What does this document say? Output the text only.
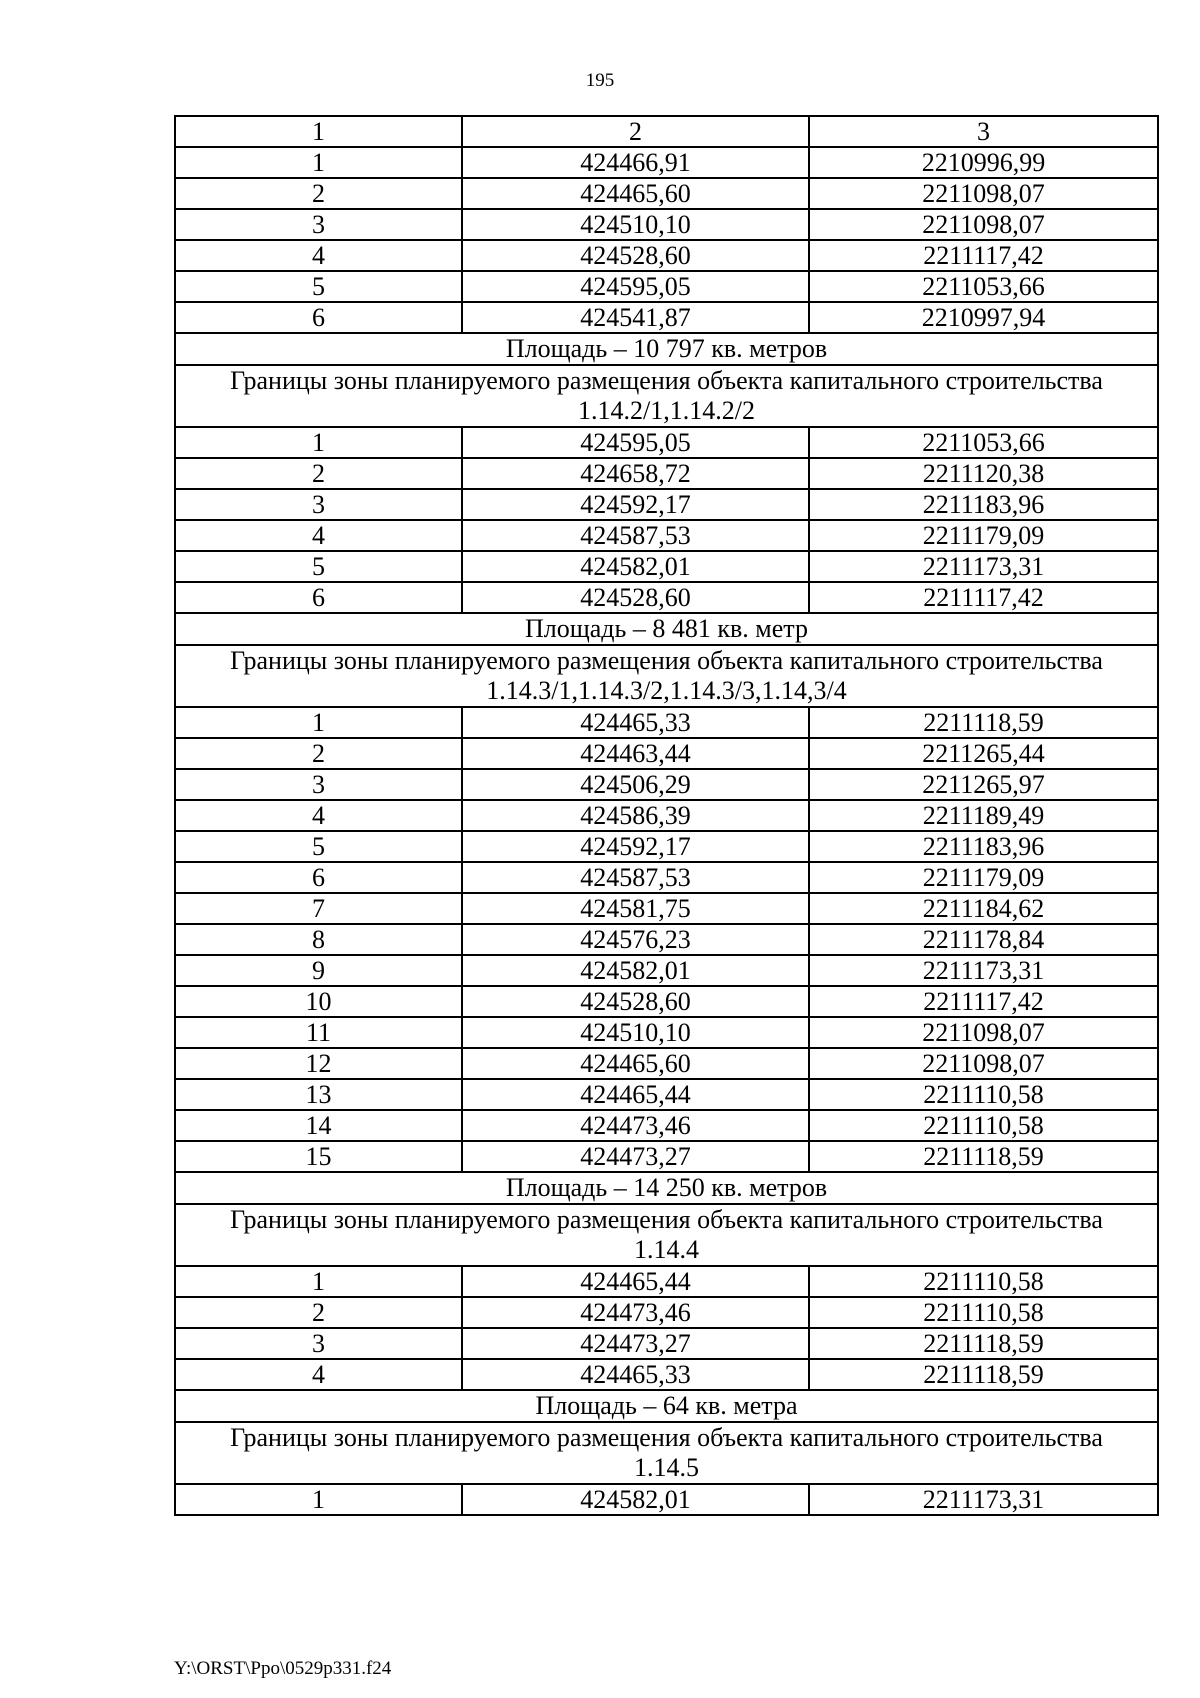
195
1	2	3
1	424466,91	2210996,99
2	424465,60	2211098,07
3	424510,10	2211098,07
4	424528,60	2211117,42
5	424595,05	2211053,66
6	424541,87	2210997,94
Площадь – 10 797 кв. метров		
Границы зоны планируемого размещения объекта капитального строительства 1.14.2/1,1.14.2/2		
1	424595,05	2211053,66
2	424658,72	2211120,38
3	424592,17	2211183,96
4	424587,53	2211179,09
5	424582,01	2211173,31
6	424528,60	2211117,42
Площадь – 8 481 кв. метр		
Границы зоны планируемого размещения объекта капитального строительства 1.14.3/1,1.14.3/2,1.14.3/3,1.14,3/4		
1	424465,33	2211118,59
2	424463,44	2211265,44
3	424506,29	2211265,97
4	424586,39	2211189,49
5	424592,17	2211183,96
6	424587,53	2211179,09
7	424581,75	2211184,62
8	424576,23	2211178,84
9	424582,01	2211173,31
10	424528,60	2211117,42
11	424510,10	2211098,07
12	424465,60	2211098,07
13	424465,44	2211110,58
14	424473,46	2211110,58
15	424473,27	2211118,59
Площадь – 14 250 кв. метров		
Границы зоны планируемого размещения объекта капитального строительства 1.14.4		
1	424465,44	2211110,58
2	424473,46	2211110,58
3	424473,27	2211118,59
4	424465,33	2211118,59
Площадь – 64 кв. метра		
Границы зоны планируемого размещения объекта капитального строительства 1.14.5		
1	424582,01	2211173,31
Y:\ORST\Ppo\0529p331.f24
